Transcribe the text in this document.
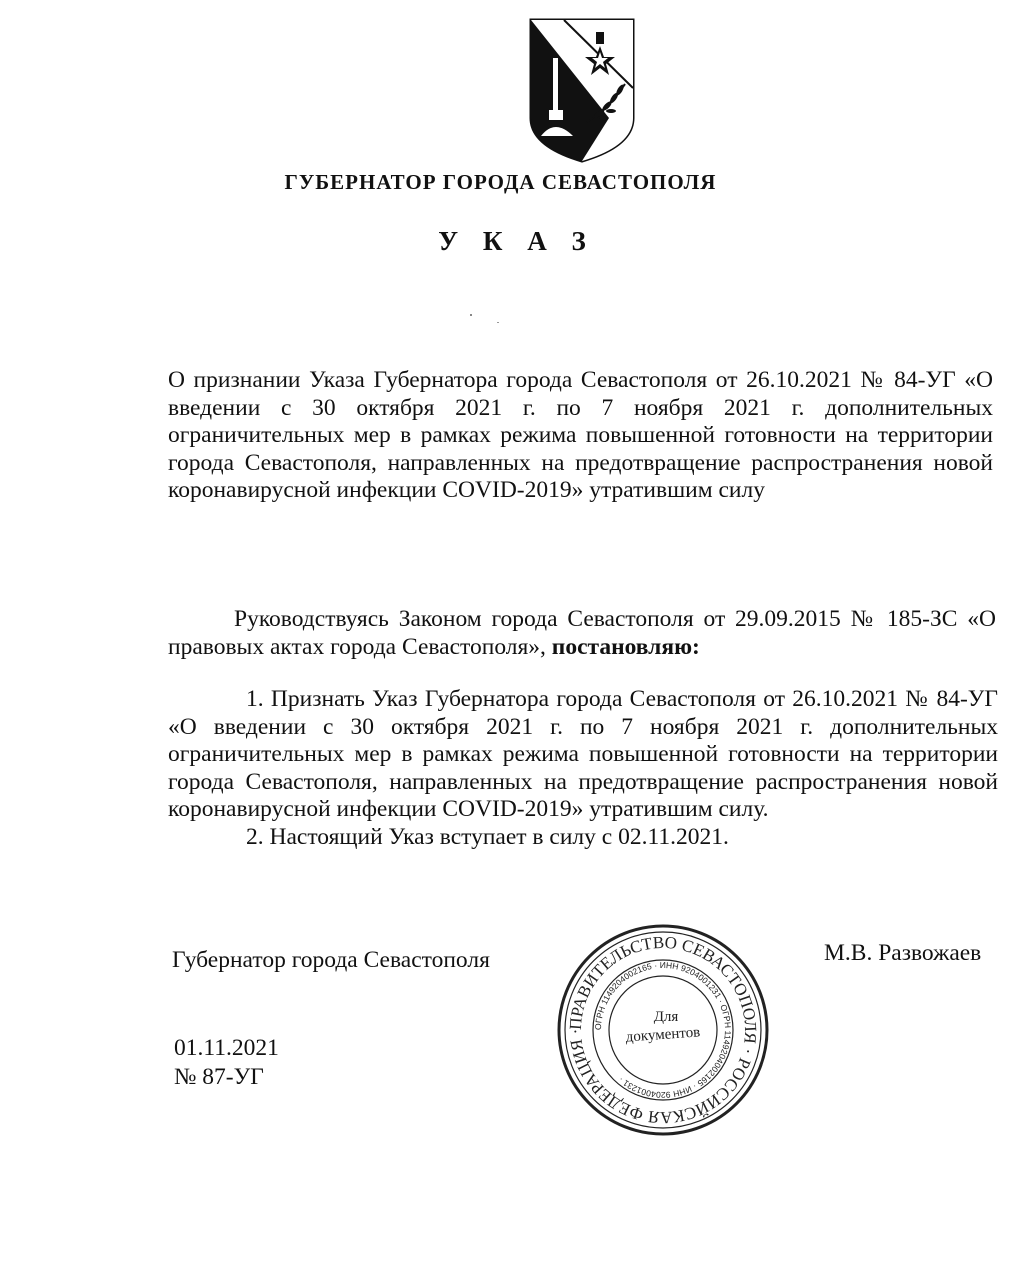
ГУБЕРНАТОР ГОРОДА СЕВАСТОПОЛЯ
У К А З

О признании Указа Губернатора города Севастополя от 26.10.2021 № 84-УГ «О введении с 30 октября 2021 г. по 7 ноября 2021 г. дополнительных ограничительных мер в рамках режима повышенной готовности на территории города Севастополя, направленных на предотвращение распространения новой коронавирусной инфекции COVID-2019» утратившим силу

Руководствуясь Законом города Севастополя от 29.09.2015 № 185-ЗС «О правовых актах города Севастополя», постановляю:

1. Признать Указ Губернатора города Севастополя от 26.10.2021 № 84-УГ «О введении с 30 октября 2021 г. по 7 ноября 2021 г. дополнительных ограничительных мер в рамках режима повышенной готовности на территории города Севастополя, направленных на предотвращение распространения новой коронавирусной инфекции COVID-2019» утратившим силу.

2. Настоящий Указ вступает в силу с 02.11.2021.

Губернатор города Севастополя	М.В. Развожаев
01.11.2021
№ 87-УГ
ПРАВИТЕЛЬСТВО СЕВАСТОПОЛЯ · РОССИЙСКАЯ ФЕДЕРАЦИЯ ·
ОГРН 1149204002165 · ИНН 9204001231 · ОГРН 1149204002165 · ИНН 9204001231 ·
Для
документов
